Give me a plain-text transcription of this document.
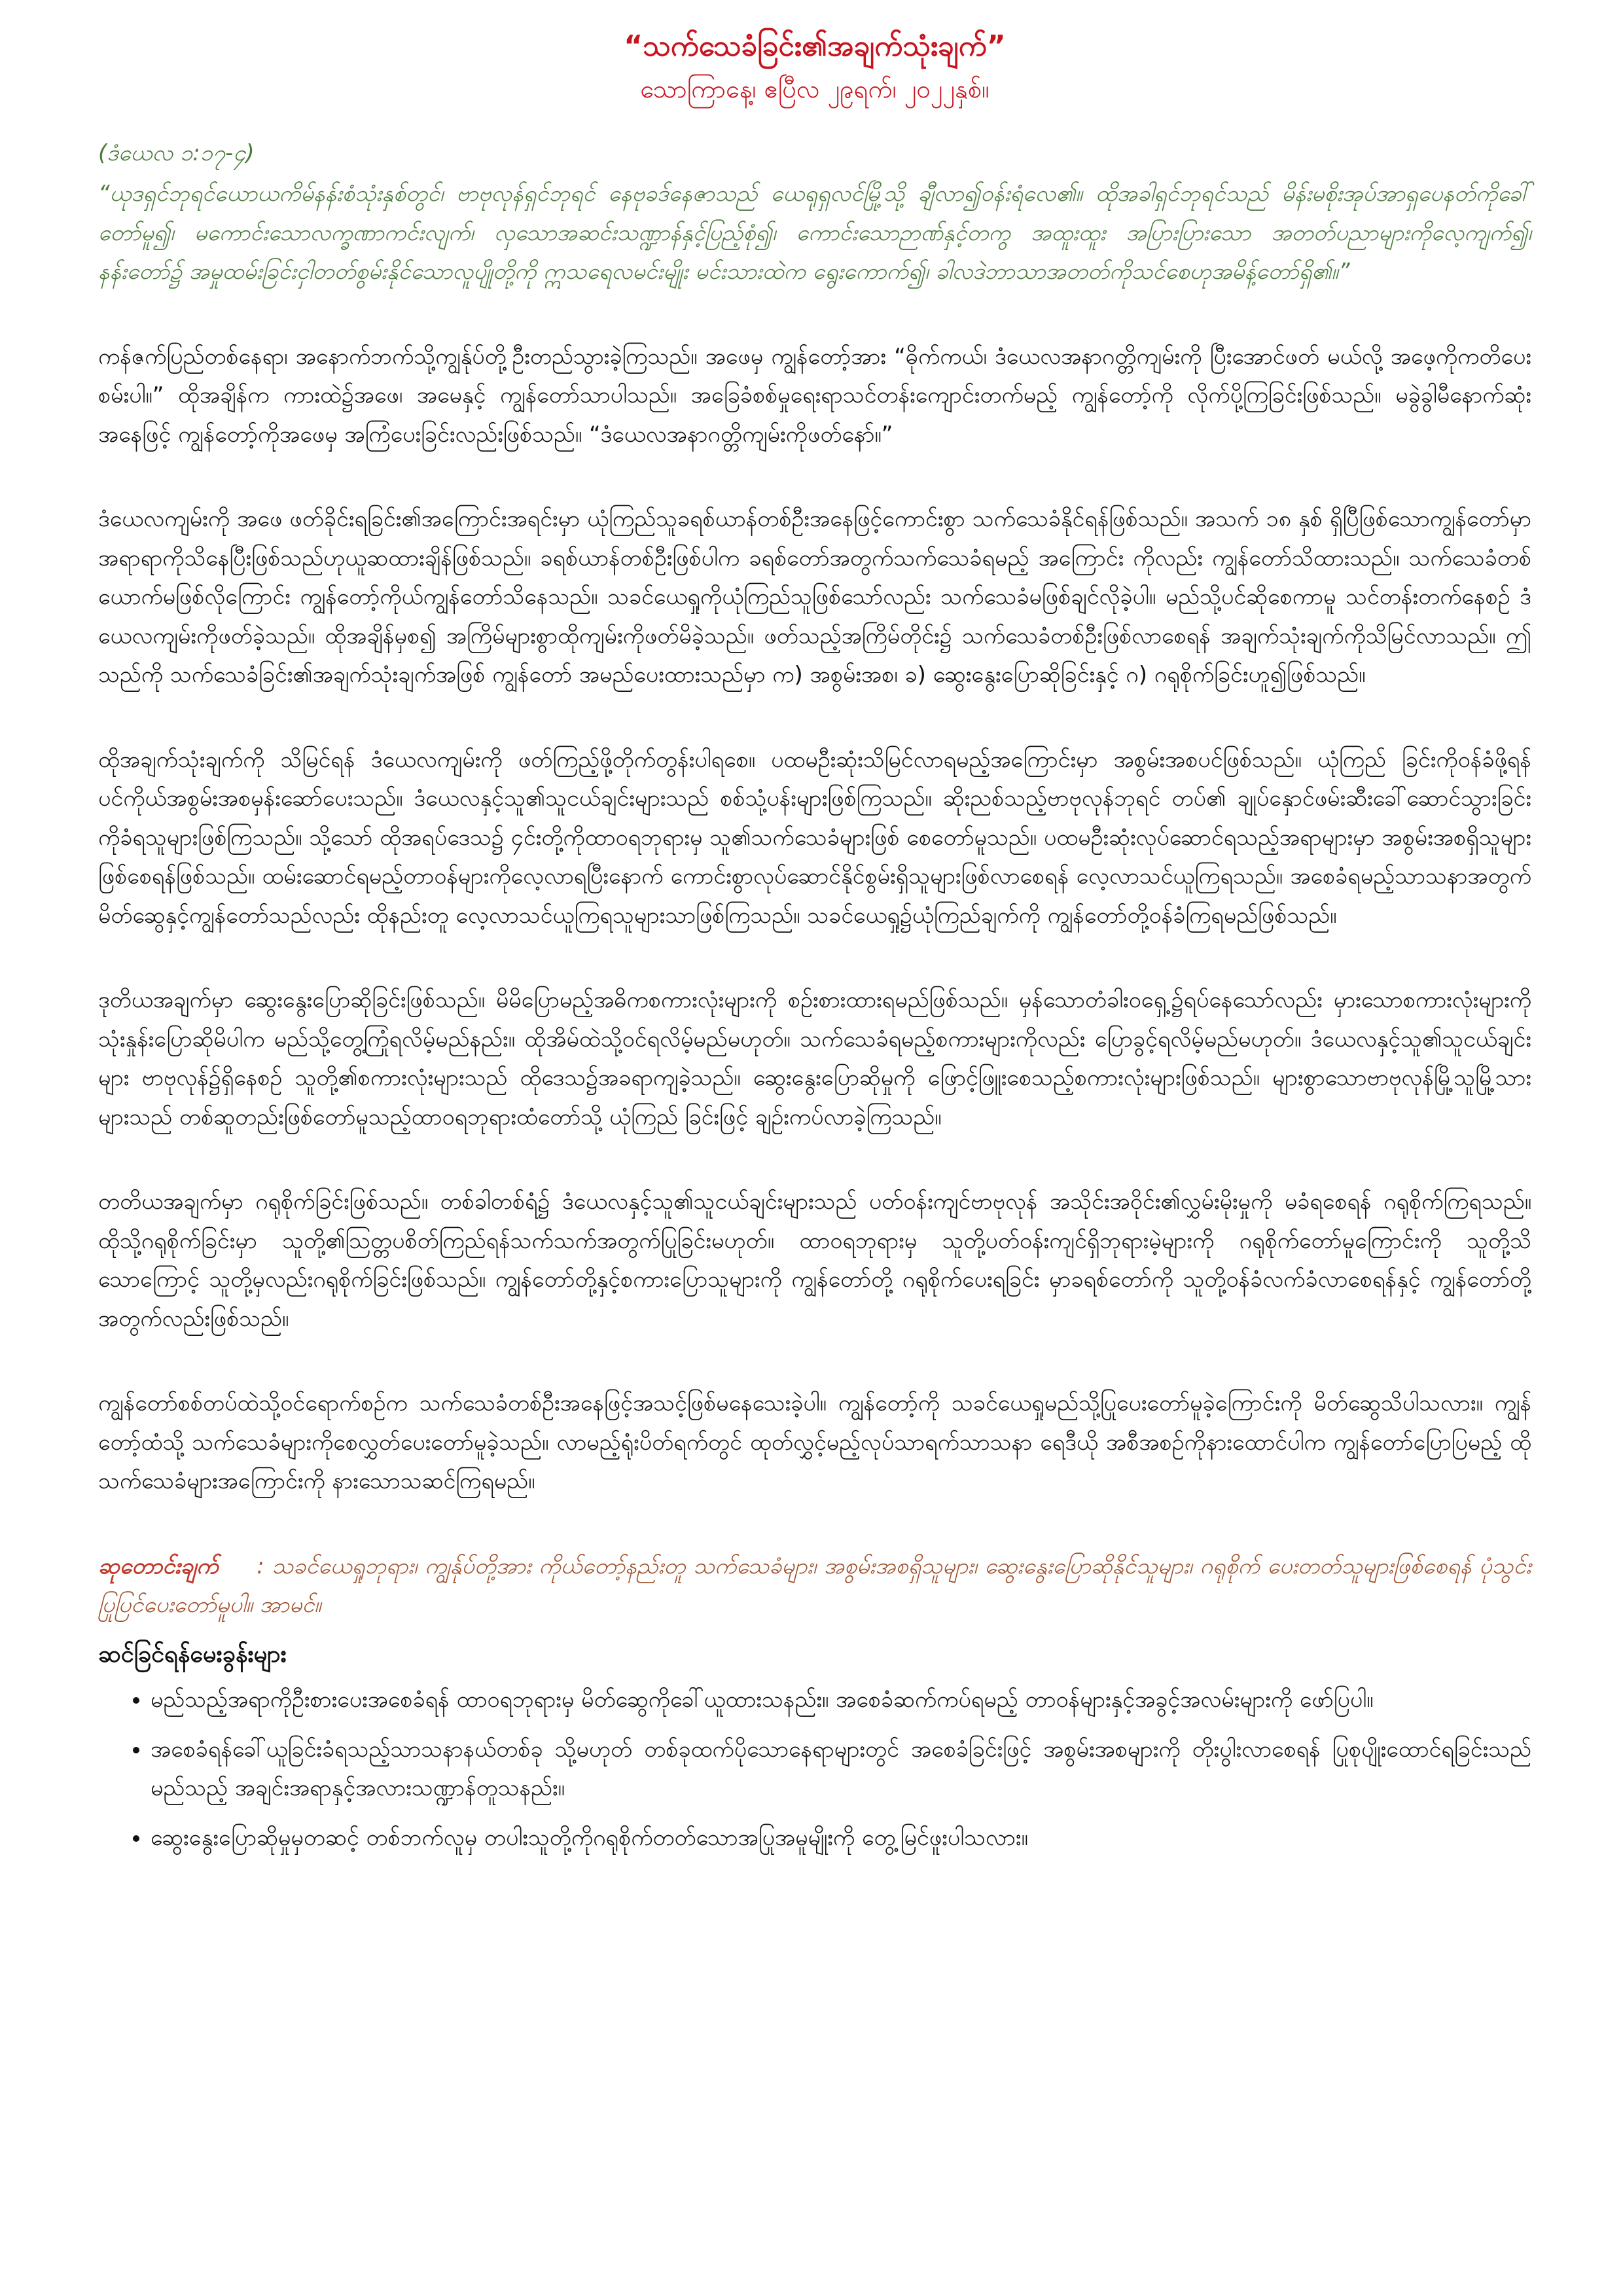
“သက်သေခံခြင်း၏အချက်သုံးချက်”

သောကြာနေ့၊ ဧပြီလ ၂၉ရက်၊ ၂၀၂၂နှစ်။

(ဒံယေလ ၁:၁၇-၄)

“ယုဒရှင်ဘုရင်ယောယကိမ်နန်းစံသုံးနှစ်တွင်၊ ဗာဗုလုန်ရှင်ဘုရင် နေဗုခဒ်နေဇာသည် ယေရုရှလင်မြို့သို့ ချီလာ၍ဝန်းရံလေ၏။ ထိုအခါရှင်ဘုရင်သည် မိန်းမစိုးအုပ်အာရှပေနတ်ကိုခေါ်တော်မူ၍၊ မကောင်းသောလက္ခဏာကင်းလျက်၊ လှသောအဆင်းသဏ္ဍာန်နှင့်ပြည့်စုံ၍၊ ကောင်းသောဉာဏ်နှင့်တကွ အထူးထူး အပြားပြားသော အတတ်ပညာများကိုလေ့ကျက်၍၊ နန်းတော်၌ အမှုထမ်းခြင်းငှါတတ်စွမ်းနိုင်သောလူပျိုတို့ကို ဣသရေလမင်းမျိုး မင်းသားထဲက ရွေးကောက်၍၊ ခါလဒဲဘာသာအတတ်ကိုသင်စေဟုအမိန့်တော်ရှိ၏။”

ကန်ဇက်ပြည်တစ်နေရာ၊ အနောက်ဘက်သို့ကျွန်ုပ်တို့ဦးတည်သွားခဲ့ကြသည်။ အဖေမှ ကျွန်တော့်အား “ဓိုက်ကယ်၊ ဒံယေလအနာဂတ္တိကျမ်းကို ပြီးအောင်ဖတ် မယ်လို့ အဖေ့ကိုကတိပေးစမ်းပါ။” ထိုအချိန်က ကားထဲ၌အဖေ၊ အမေနှင့် ကျွန်တော်သာပါသည်။ အခြေခံစစ်မှုရေးရာသင်တန်းကျောင်းတက်မည့် ကျွန်တော့်ကို လိုက်ပို့ကြခြင်းဖြစ်သည်။ မခွဲခွါမီနောက်ဆုံးအနေဖြင့် ကျွန်တော့်ကိုအဖေမှ အကြံပေးခြင်းလည်းဖြစ်သည်။ “ဒံယေလအနာဂတ္တိကျမ်းကိုဖတ်နော်။”

ဒံယေလကျမ်းကို အဖေ ဖတ်ခိုင်းရခြင်း၏အကြောင်းအရင်းမှာ ယုံကြည်သူခရစ်ယာန်တစ်ဦးအနေဖြင့်ကောင်းစွာ သက်သေခံနိုင်ရန်ဖြစ်သည်။ အသက် ၁၈ နှစ် ရှိပြီဖြစ်သောကျွန်တော်မှာ အရာရာကိုသိနေပြီးဖြစ်သည်ဟုယူဆထားချိန်ဖြစ်သည်။ ခရစ်ယာန်တစ်ဦးဖြစ်ပါက ခရစ်တော်အတွက်သက်သေခံရမည့် အကြောင်း ကိုလည်း ကျွန်တော်သိထားသည်။ သက်သေခံတစ်ယောက်မဖြစ်လိုကြောင်း ကျွန်တော့်ကိုယ်ကျွန်တော်သိနေသည်။ သခင်ယေရှုကိုယုံကြည်သူဖြစ်သော်လည်း သက်သေခံမဖြစ်ချင်လိုခဲ့ပါ။ မည်သို့ပင်ဆိုစေကာမူ သင်တန်းတက်နေစဉ် ဒံယေလကျမ်းကိုဖတ်ခဲ့သည်။ ထိုအချိန်မှစ၍ အကြိမ်များစွာထိုကျမ်းကိုဖတ်မိခဲ့သည်။ ဖတ်သည့်အကြိမ်တိုင်း၌ သက်သေခံတစ်ဦးဖြစ်လာစေရန် အချက်သုံးချက်ကိုသိမြင်လာသည်။ ဤသည်ကို သက်သေခံခြင်း၏အချက်သုံးချက်အဖြစ် ကျွန်တော် အမည်ပေးထားသည်မှာ က) အစွမ်းအစ၊ ခ) ဆွေးနွေးပြောဆိုခြင်းနှင့် ဂ) ဂရုစိုက်ခြင်းဟူ၍ဖြစ်သည်။

ထိုအချက်သုံးချက်ကို သိမြင်ရန် ဒံယေလကျမ်းကို ဖတ်ကြည့်ဖို့တိုက်တွန်းပါရစေ။ ပထမဦးဆုံးသိမြင်လာရမည့်အကြောင်းမှာ အစွမ်းအစပင်ဖြစ်သည်။ ယုံကြည် ခြင်းကိုဝန်ခံဖို့ရန် ပင်ကိုယ်အစွမ်းအစမှန်းဆော်ပေးသည်။ ဒံယေလနှင့်သူ၏သူငယ်ချင်းများသည် စစ်သုံ့ပန်းများဖြစ်ကြသည်။ ဆိုးညစ်သည့်ဗာဗုလုန်ဘုရင် တပ်၏ ချုပ်နှောင်ဖမ်းဆီးခေါ်ဆောင်သွားခြင်းကိုခံရသူများဖြစ်ကြသည်။ သို့သော် ထိုအရပ်ဒေသ၌ ၄င်းတို့ကိုထာဝရဘုရားမှ သူ၏သက်သေခံများဖြစ် စေတော်မူသည်။ ပထမဦးဆုံးလုပ်ဆောင်ရသည့်အရာများမှာ အစွမ်းအစရှိသူများဖြစ်စေရန်ဖြစ်သည်။ ထမ်းဆောင်ရမည့်တာဝန်များကိုလေ့လာရပြီးနောက် ကောင်းစွာလုပ်ဆောင်နိုင်စွမ်းရှိသူများဖြစ်လာစေရန် လေ့လာသင်ယူကြရသည်။ အစေခံရမည့်သာသနာအတွက် မိတ်ဆွေနှင့်ကျွန်တော်သည်လည်း ထိုနည်းတူ လေ့လာသင်ယူကြရသူများသာဖြစ်ကြသည်။ သခင်ယေရှု၌ယုံကြည်ချက်ကို ကျွန်တော်တို့ဝန်ခံကြရမည်ဖြစ်သည်။

ဒုတိယအချက်မှာ ဆွေးနွေးပြောဆိုခြင်းဖြစ်သည်။ မိမိပြောမည့်အဓိကစကားလုံးများကို စဉ်းစားထားရမည်ဖြစ်သည်။ မှန်သောတံခါးဝရှေ့၌ရပ်နေသော်လည်း မှားသောစကားလုံးများကိုသုံးနှုန်းပြောဆိုမိပါက မည်သို့တွေ့ကြုံရလိမ့်မည်နည်း။ ထိုအိမ်ထဲသို့ဝင်ရလိမ့်မည်မဟုတ်။ သက်သေခံရမည့်စကားများကိုလည်း ပြောခွင့်ရလိမ့်မည်မဟုတ်။ ဒံယေလနှင့်သူ၏သူငယ်ချင်းများ ဗာဗုလုန်၌ရှိနေစဉ် သူတို့၏စကားလုံးများသည် ထိုဒေသ၌အခရာကျခဲ့သည်။ ဆွေးနွေးပြောဆိုမှုကို ဖြောင့်ဖြူးစေသည့်စကားလုံးများဖြစ်သည်။ များစွာသောဗာဗုလုန်မြို့သူမြို့သားများသည် တစ်ဆူတည်းဖြစ်တော်မူသည့်ထာဝရဘုရားထံတော်သို့ ယုံကြည် ခြင်းဖြင့် ချဉ်းကပ်လာခဲ့ကြသည်။

တတိယအချက်မှာ ဂရုစိုက်ခြင်းဖြစ်သည်။ တစ်ခါတစ်ရံ၌ ဒံယေလနှင့်သူ၏သူငယ်ချင်းများသည် ပတ်ဝန်းကျင်ဗာဗုလုန် အသိုင်းအဝိုင်း၏လွှမ်းမိုးမှုကို မခံရစေရန် ဂရုစိုက်ကြရသည်။ ထိုသို့ဂရုစိုက်ခြင်းမှာ သူတို့၏ဩတ္တပစိတ်ကြည်ရန်သက်သက်အတွက်ပြုခြင်းမဟုတ်။ ထာဝရဘုရားမှ သူတို့ပတ်ဝန်းကျင်ရှိဘုရားမဲ့များကို ဂရုစိုက်တော်မူကြောင်းကို သူတို့သိသောကြောင့် သူတို့မှလည်းဂရုစိုက်ခြင်းဖြစ်သည်။ ကျွန်တော်တို့နှင့်စကားပြောသူများကို ကျွန်တော်တို့ ဂရုစိုက်ပေးရခြင်း မှာခရစ်တော်ကို သူတို့ဝန်ခံလက်ခံလာစေရန်နှင့် ကျွန်တော်တို့အတွက်လည်းဖြစ်သည်။

ကျွန်တော်စစ်တပ်ထဲသို့ဝင်ရောက်စဉ်က သက်သေခံတစ်ဦးအနေဖြင့်အသင့်ဖြစ်မနေသေးခဲ့ပါ။ ကျွန်တော့်ကို သခင်ယေရှုမည်သို့ပြုပေးတော်မူခဲ့ကြောင်းကို မိတ်ဆွေသိပါသလား။ ကျွန်တော့်ထံသို့ သက်သေခံများကိုစေလွှတ်ပေးတော်မူခဲ့သည်။ လာမည့်ရုံးပိတ်ရက်တွင် ထုတ်လွှင့်မည့်လုပ်သာရက်သာသနာ ရေဒီယို အစီအစဉ်ကိုနားထောင်ပါက ကျွန်တော်ပြောပြမည့် ထိုသက်သေခံများအကြောင်းကို နားသောသဆင်ကြရမည်။

ဆုတောင်းချက် : သခင်ယေရှုဘုရား၊ ကျွန်ုပ်တို့အား ကိုယ်တော့်နည်းတူ သက်သေခံများ၊ အစွမ်းအစရှိသူများ၊ ဆွေးနွေးပြောဆိုနိုင်သူများ၊ ဂရုစိုက် ပေးတတ်သူများဖြစ်စေရန် ပုံသွင်းပြုပြင်ပေးတော်မူပါ။ အာမင်။

ဆင်ခြင်ရန်မေးခွန်းများ

• မည်သည့်အရာကိုဦးစားပေးအစေခံရန် ထာဝရဘုရားမှ မိတ်ဆွေကိုခေါ်ယူထားသနည်း။ အစေခံဆက်ကပ်ရမည့် တာဝန်များနှင့်အခွင့်အလမ်းများကို ဖော်ပြပါ။
• အစေခံရန်ခေါ်ယူခြင်းခံရသည့်သာသနာနယ်တစ်ခု သို့မဟုတ် တစ်ခုထက်ပိုသောနေရာများတွင် အစေခံခြင်းဖြင့် အစွမ်းအစများကို တိုးပွါးလာစေရန် ပြုစုပျိုးထောင်ရခြင်းသည် မည်သည့် အချင်းအရာနှင့်အလားသဏ္ဍာန်တူသနည်း။
• ဆွေးနွေးပြောဆိုမှုမှတဆင့် တစ်ဘက်လူမှ တပါးသူတို့ကိုဂရုစိုက်တတ်သောအပြုအမူမျိုးကို တွေ့မြင်ဖူးပါသလား။
